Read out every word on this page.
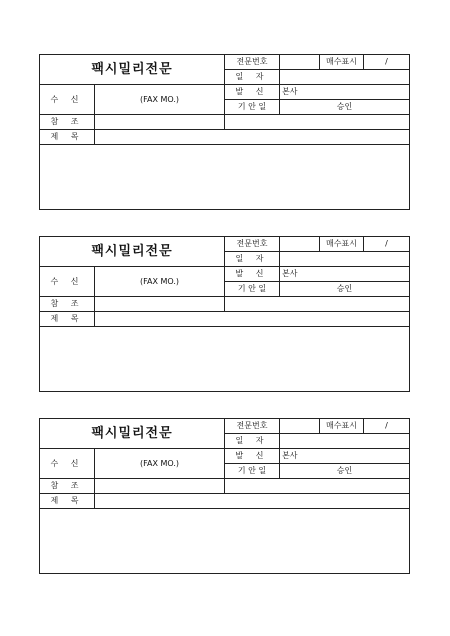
팩시밀리전문		전문번호		매수표시	/
		일 자			
수 신	(FAX MO.)	발 신	본사		
		기 안 일	승인		
참 조					
제 목					

팩시밀리전문		전문번호		매수표시	/
		일 자			
수 신	(FAX MO.)	발 신	본사		
		기 안 일	승인		
참 조					
제 목					

팩시밀리전문		전문번호		매수표시	/
		일 자			
수 신	(FAX MO.)	발 신	본사		
		기 안 일	승인		
참 조					
제 목					
